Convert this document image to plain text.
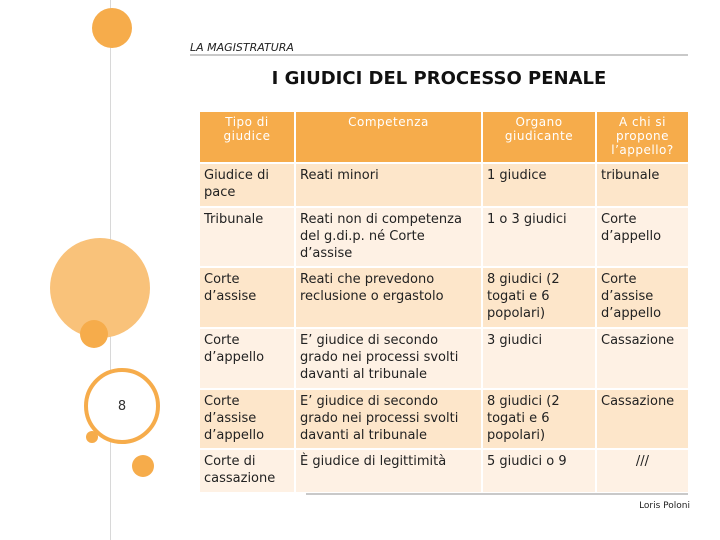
8
LA MAGISTRATURA
I GIUDICI DEL PROCESSO PENALE
Tipo di giudice	Competenza	Organo giudicante	A chi si propone l’appello?
Giudice di pace	Reati minori	1 giudice	tribunale
Tribunale	Reati non di competenza del g.di.p. né Corte d’assise	1 o 3 giudici	Corte d’appello
Corte d’assise	Reati che prevedono reclusione o ergastolo	8 giudici (2 togati e 6 popolari)	Corte d’assise d’appello
Corte d’appello	E’ giudice di secondo grado nei processi svolti davanti al tribunale	3 giudici	Cassazione
Corte d’assise d’appello	E’ giudice di secondo grado nei processi svolti davanti al tribunale	8 giudici (2 togati e 6 popolari)	Cassazione
Corte di cassazione	È giudice di legittimità	5 giudici o 9	///
Loris Poloni
